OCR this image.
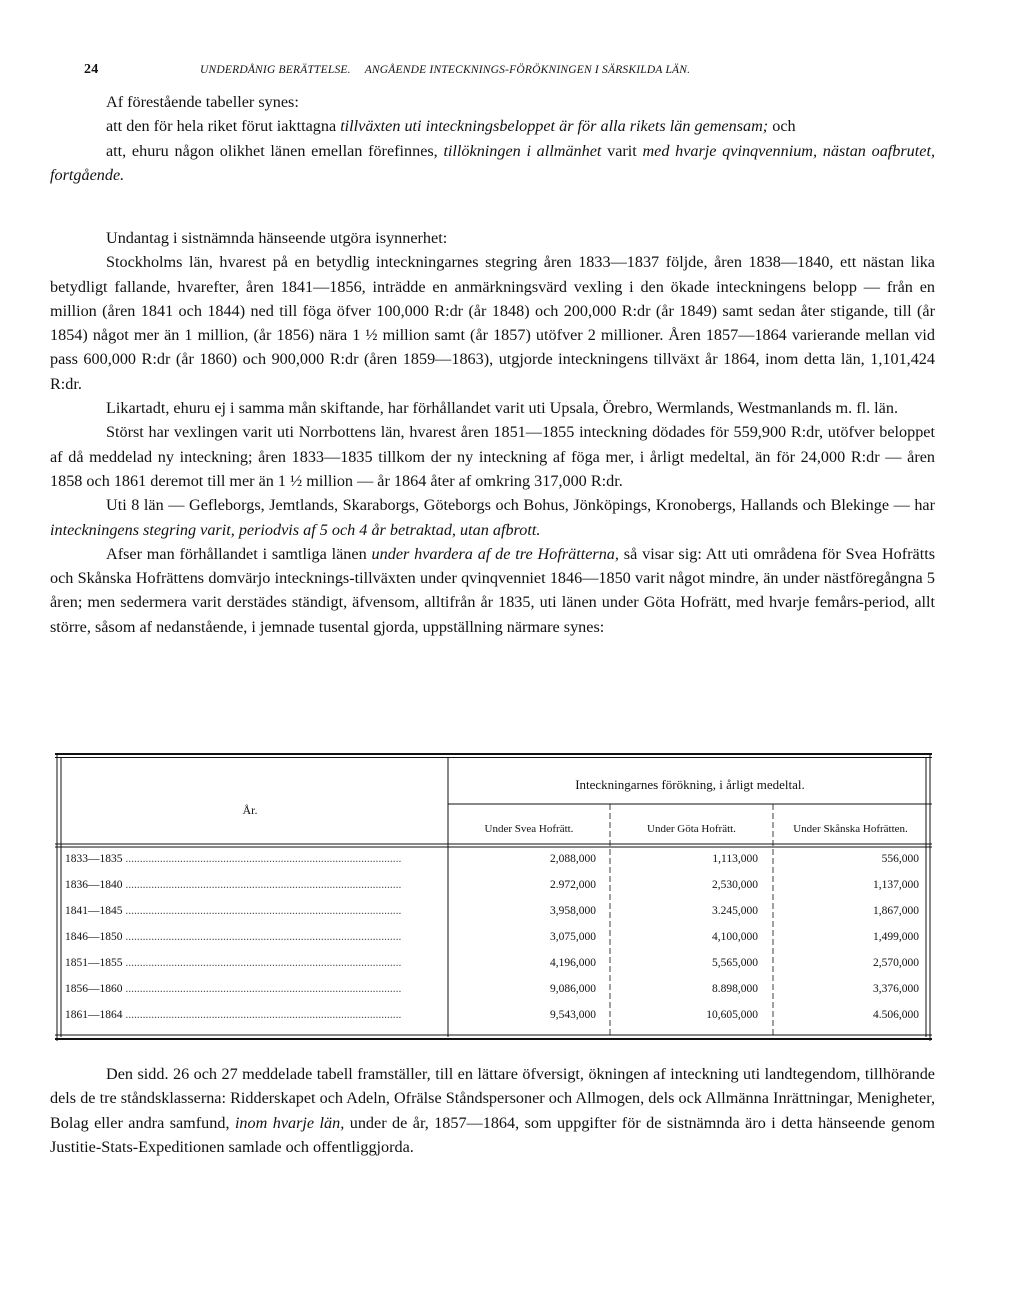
24	UNDERDÅNIG BERÄTTELSE. ANGÅENDE INTECKNINGS-FÖRÖKNINGEN I SÄRSKILDA LÄN.

Af förestående tabeller synes:

att den för hela riket förut iakttagna tillväxten uti inteckningsbeloppet är för alla rikets län gemensam; och

att, ehuru någon olikhet länen emellan förefinnes, tillökningen i allmänhet varit med hvarje qvinqvennium, nästan oafbrutet, fortgående.

Undantag i sistnämnda hänseende utgöra isynnerhet:

Stockholms län, hvarest på en betydlig inteckningarnes stegring åren 1833—1837 följde, åren 1838—1840, ett nästan lika betydligt fallande, hvarefter, åren 1841—1856, inträdde en anmärkningsvärd vexling i den ökade inteckningens belopp — från en million (åren 1841 och 1844) ned till föga öfver 100,000 R:dr (år 1848) och 200,000 R:dr (år 1849) samt sedan åter stigande, till (år 1854) något mer än 1 million, (år 1856) nära 1 ½ million samt (år 1857) utöfver 2 millioner. Åren 1857—1864 varierande mellan vid pass 600,000 R:dr (år 1860) och 900,000 R:dr (åren 1859—1863), utgjorde inteckningens tillväxt år 1864, inom detta län, 1,101,424 R:dr.

Likartadt, ehuru ej i samma mån skiftande, har förhållandet varit uti Upsala, Örebro, Wermlands, Westmanlands m. fl. län.

Störst har vexlingen varit uti Norrbottens län, hvarest åren 1851—1855 inteckning dödades för 559,900 R:dr, utöfver beloppet af då meddelad ny inteckning; åren 1833—1835 tillkom der ny inteckning af föga mer, i årligt medeltal, än för 24,000 R:dr — åren 1858 och 1861 deremot till mer än 1 ½ million — år 1864 åter af omkring 317,000 R:dr.

Uti 8 län — Gefleborgs, Jemtlands, Skaraborgs, Göteborgs och Bohus, Jönköpings, Kronobergs, Hallands och Blekinge — har inteckningens stegring varit, periodvis af 5 och 4 år betraktad, utan afbrott.

Afser man förhållandet i samtliga länen under hvardera af de tre Hofrätterna, så visar sig: Att uti områdena för Svea Hofrätts och Skånska Hofrättens domvärjo intecknings-tillväxten under qvinqvenniet 1846—1850 varit något mindre, än under nästföregångna 5 åren; men sedermera varit derstädes ständigt, äfvensom, alltifrån år 1835, uti länen under Göta Hofrätt, med hvarje femårs-period, allt större, såsom af nedanstående, i jemnade tusental gjorda, uppställning närmare synes:

Inteckningarnes förökning, i årligt medeltal.
År.
Under Svea Hofrätt.	Under Göta Hofrätt.	Under Skånska Hofrätten.
1833—1835 ................................................................................................	2,088,000	1,113,000	556,000
1836—1840 ................................................................................................	2.972,000	2,530,000	1,137,000
1841—1845 ................................................................................................	3,958,000	3.245,000	1,867,000
1846—1850 ................................................................................................	3,075,000	4,100,000	1,499,000
1851—1855 ................................................................................................	4,196,000	5,565,000	2,570,000
1856—1860 ................................................................................................	9,086,000	8.898,000	3,376,000
1861—1864 ................................................................................................	9,543,000	10,605,000	4.506,000

Den sidd. 26 och 27 meddelade tabell framställer, till en lättare öfversigt, ökningen af inteckning uti landtegendom, tillhörande dels de tre ståndsklasserna: Ridderskapet och Adeln, Ofrälse Ståndspersoner och Allmogen, dels ock Allmänna Inrättningar, Menigheter, Bolag eller andra samfund, inom hvarje län, under de år, 1857—1864, som uppgifter för de sistnämnda äro i detta hänseende genom Justitie-Stats-Expeditionen samlade och offentliggjorda.
